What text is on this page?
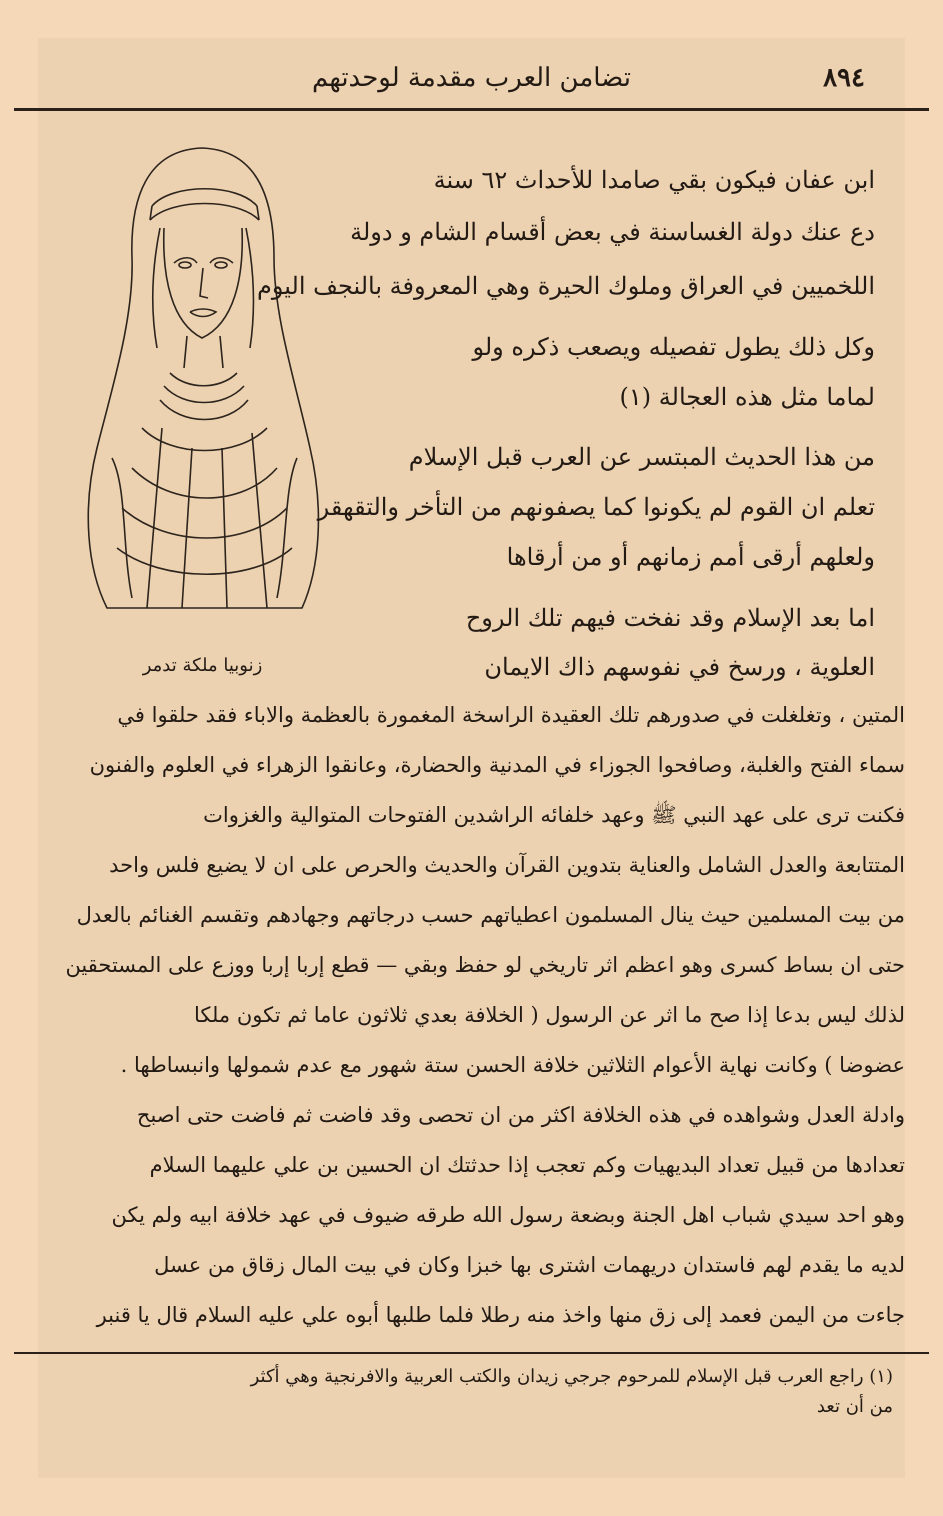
٨٩٤
تضامن العرب مقدمة لوحدتهم
زنوبيا ملكة تدمر
ابن عفان فيكون بقي صامدا للأحداث ٦٢ سنة
دع عنك دولة الغساسنة في بعض أقسام الشام و دولة
اللخميين في العراق وملوك الحيرة وهي المعروفة بالنجف اليوم
وكل ذلك يطول تفصيله ويصعب ذكره ولو
لماما مثل هذه العجالة (١)
من هذا الحديث المبتسر عن العرب قبل الإسلام
تعلم ان القوم لم يكونوا كما يصفونهم من التأخر والتقهقر
ولعلهم أرقى أمم زمانهم أو من أرقاها
اما بعد الإسلام وقد نفخت فيهم تلك الروح
العلوية ، ورسخ في نفوسهم ذاك الايمان
المتين ، وتغلغلت في صدورهم تلك العقيدة الراسخة المغمورة بالعظمة والاباء فقد حلقوا في
سماء الفتح والغلبة، وصافحوا الجوزاء في المدنية والحضارة، وعانقوا الزهراء في العلوم والفنون
فكنت ترى على عهد النبي ﷺ وعهد خلفائه الراشدين الفتوحات المتوالية والغزوات
المتتابعة والعدل الشامل والعناية بتدوين القرآن والحديث والحرص على ان لا يضيع فلس واحد
من بيت المسلمين حيث ينال المسلمون اعطياتهم حسب درجاتهم وجهادهم وتقسم الغنائم بالعدل
حتى ان بساط كسرى وهو اعظم اثر تاريخي لو حفظ وبقي — قطع إربا إربا ووزع على المستحقين
لذلك ليس بدعا إذا صح ما اثر عن الرسول ( الخلافة بعدي ثلاثون عاما ثم تكون ملكا
عضوضا ) وكانت نهاية الأعوام الثلاثين خلافة الحسن ستة شهور مع عدم شمولها وانبساطها .
وادلة العدل وشواهده في هذه الخلافة اكثر من ان تحصى وقد فاضت ثم فاضت حتى اصبح
تعدادها من قبيل تعداد البديهيات وكم تعجب إذا حدثتك ان الحسين بن علي عليهما السلام
وهو احد سيدي شباب اهل الجنة وبضعة رسول الله طرقه ضيوف في عهد خلافة ابيه ولم يكن
لديه ما يقدم لهم فاستدان دريهمات اشترى بها خبزا وكان في بيت المال زقاق من عسل
جاءت من اليمن فعمد إلى زق منها واخذ منه رطلا فلما طلبها أبوه علي عليه السلام قال يا قنبر
(١) راجع العرب قبل الإسلام للمرحوم جرجي زيدان والكتب العربية والافرنجية وهي أكثر
من أن تعد
